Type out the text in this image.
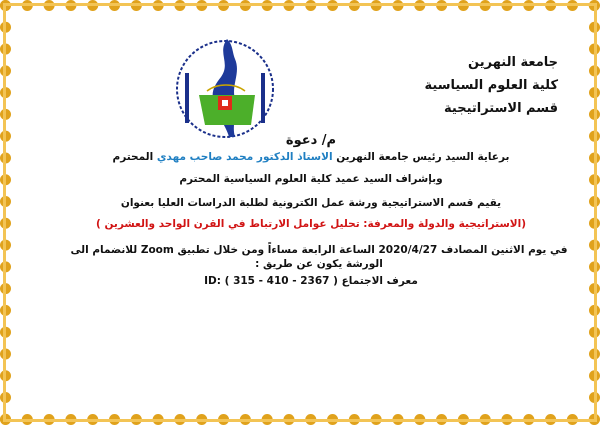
جامعة النهرين
كلية العلوم السياسية
قسم الاستراتيجية
م/ دعوة
برعاية السيد رئيس جامعة النهرين الاستاذ الدكتور محمد صاحب مهدي المحترم
وبإشراف السيد عميد كلية العلوم السياسية المحترم
يقيم قسم الاستراتيجية ورشة عمل الكترونية لطلبة الدراسات العليا بعنوان
(الاستراتيجية والدولة والمعرفة: تحليل عوامل الارتباط في القرن الواحد والعشرين )
في يوم الاثنين المصادف 2020/4/27 الساعة الرابعة مساءاً ومن خلال تطبيق Zoom للانضمام الى
الورشة يكون عن طريق :
ID: ( 315 - 410 - 2367 ) معرف الاجتماع
